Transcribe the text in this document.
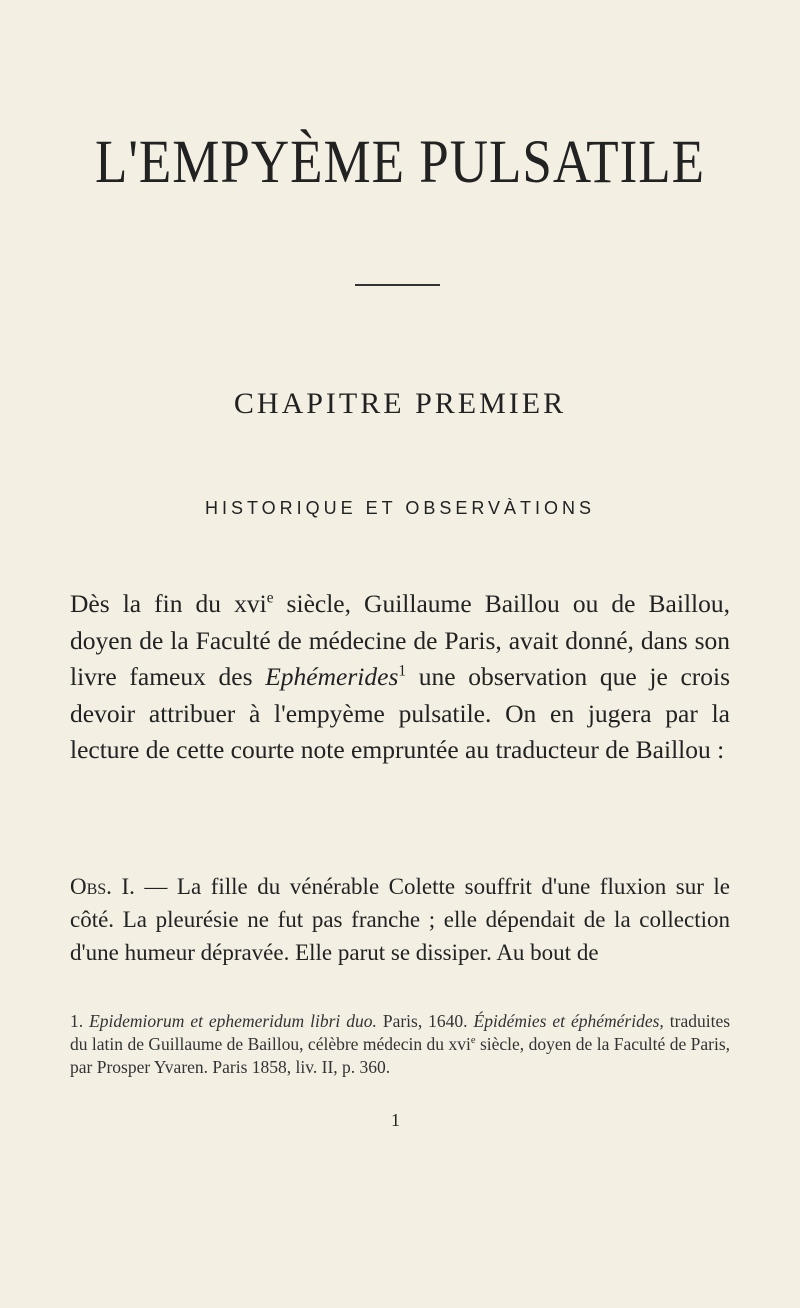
L'EMPYÈME PULSATILE
CHAPITRE PREMIER
HISTORIQUE ET OBSERVÀTIONS
Dès la fin du xvi$^e$ siècle, Guillaume Baillou ou de Baillou, doyen de la Faculté de médecine de Paris, avait donné, dans son livre fameux des Ephémerides$^1$ une observation que je crois devoir attribuer à l'empyème pulsatile. On en jugera par la lecture de cette courte note empruntée au traducteur de Baillou :
Obs. I. — La fille du vénérable Colette souffrit d'une fluxion sur le côté. La pleurésie ne fut pas franche ; elle dépendait de la collection d'une humeur dépravée. Elle parut se dissiper. Au bout de
1. Epidemiorum et ephemeridum libri duo. Paris, 1640. Épidémies et éphémérides, traduites du latin de Guillaume de Baillou, célèbre médecin du xvi$^e$ siècle, doyen de la Faculté de Paris, par Prosper Yvaren. Paris 1858, liv. II, p. 360.
1
